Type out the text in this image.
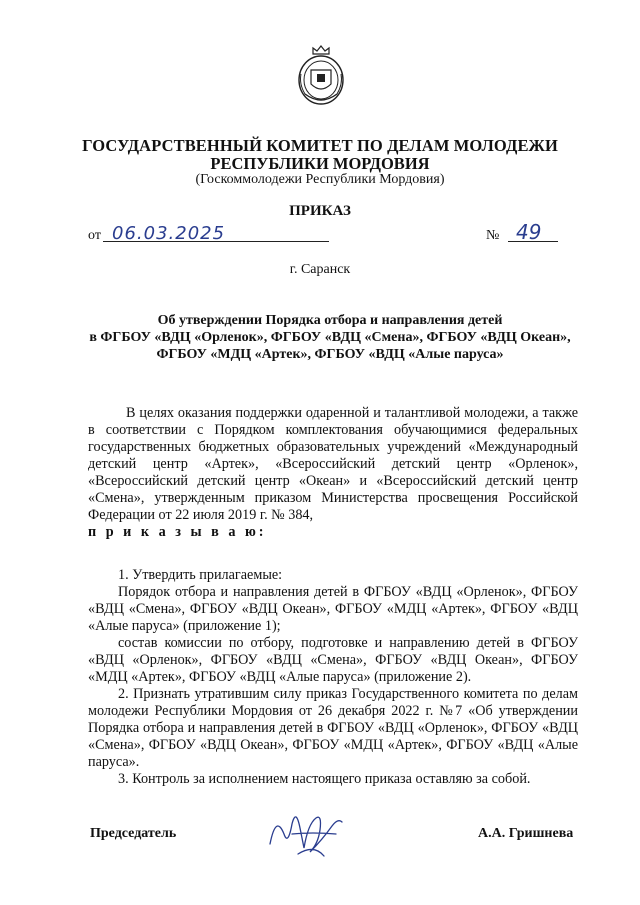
ГОСУДАРСТВЕННЫЙ КОМИТЕТ ПО ДЕЛАМ МОЛОДЕЖИ
РЕСПУБЛИКИ МОРДОВИЯ
(Госкоммолодежи Республики Мордовия)
ПРИКАЗ
от 06.03.2025	№ 49
г. Саранск
Об утверждении Порядка отбора и направления детей
в ФГБОУ «ВДЦ «Орленок», ФГБОУ «ВДЦ «Смена», ФГБОУ «ВДЦ Океан»,
ФГБОУ «МДЦ «Артек», ФГБОУ «ВДЦ «Алые паруса»
В целях оказания поддержки одаренной и талантливой молодежи, а также в соответствии с Порядком комплектования обучающимися федеральных государственных бюджетных образовательных учреждений «Международный детский центр «Артек», «Всероссийский детский центр «Орленок», «Всероссийский детский центр «Океан» и «Всероссийский детский центр «Смена», утвержденным приказом Министерства просвещения Российской Федерации от 22 июля 2019 г. № 384,
п р и к а з ы в а ю:

1. Утвердить прилагаемые:

Порядок отбора и направления детей в ФГБОУ «ВДЦ «Орленок», ФГБОУ «ВДЦ «Смена», ФГБОУ «ВДЦ Океан», ФГБОУ «МДЦ «Артек», ФГБОУ «ВДЦ «Алые паруса» (приложение 1);

состав комиссии по отбору, подготовке и направлению детей в ФГБОУ «ВДЦ «Орленок», ФГБОУ «ВДЦ «Смена», ФГБОУ «ВДЦ Океан», ФГБОУ «МДЦ «Артек», ФГБОУ «ВДЦ «Алые паруса» (приложение 2).

2. Признать утратившим силу приказ Государственного комитета по делам молодежи Республики Мордовия от 26 декабря 2022 г. №7 «Об утверждении Порядка отбора и направления детей в ФГБОУ «ВДЦ «Орленок», ФГБОУ «ВДЦ «Смена», ФГБОУ «ВДЦ Океан», ФГБОУ «МДЦ «Артек», ФГБОУ «ВДЦ «Алые паруса».

3. Контроль за исполнением настоящего приказа оставляю за собой.

Председатель	А.А. Гришнева
